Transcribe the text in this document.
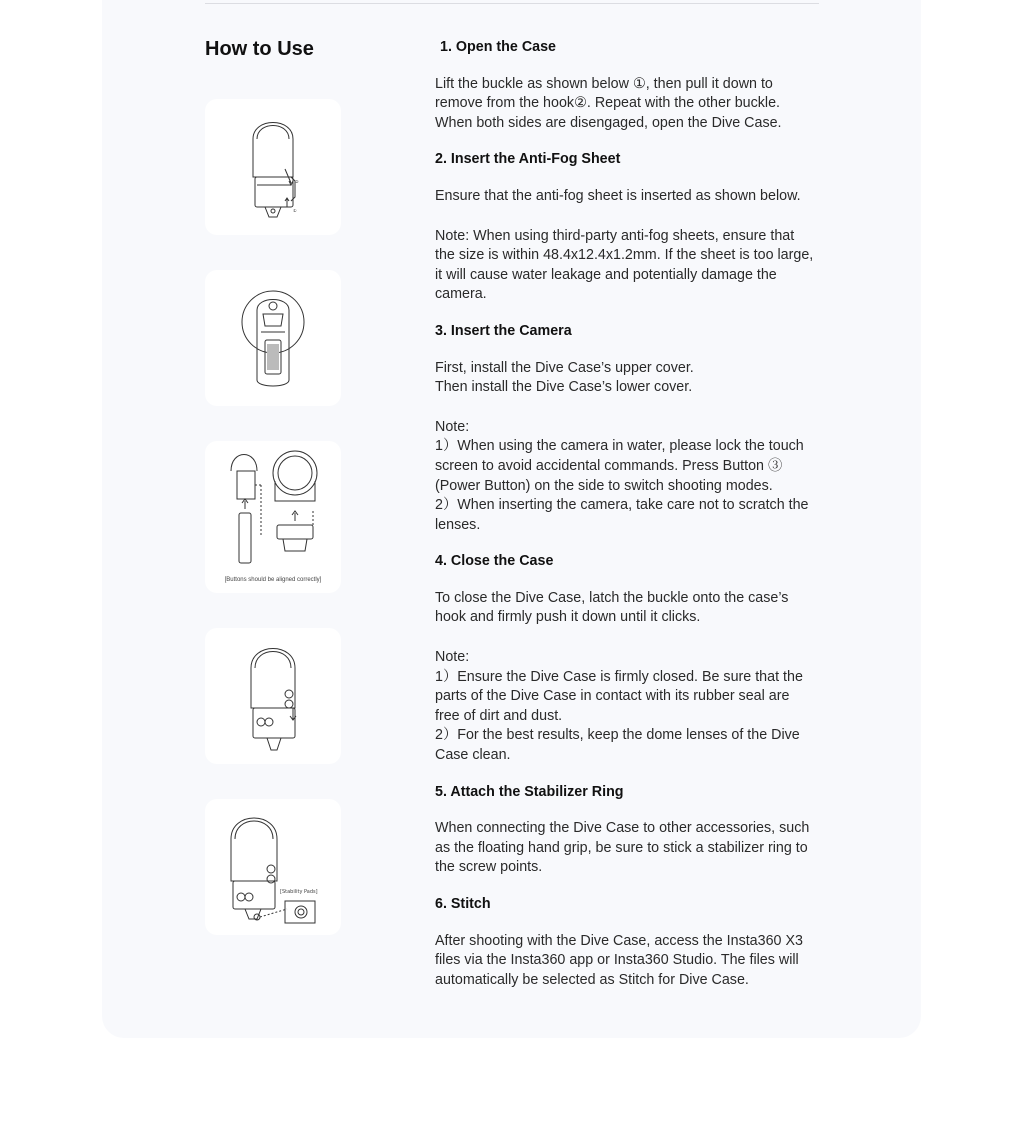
How to Use
②
①
[Buttons should be aligned correctly]
[Stability Pads]

1. Open the Case

Lift the buckle as shown below ①, then pull it down to remove from the hook②. Repeat with the other buckle. When both sides are disengaged, open the Dive Case.

2. Insert the Anti-Fog Sheet

Ensure that the anti-fog sheet is inserted as shown below.

Note: When using third-party anti-fog sheets, ensure that the size is within 48.4x12.4x1.2mm. If the sheet is too large, it will cause water leakage and potentially damage the camera.

3. Insert the Camera

First, install the Dive Case’s upper cover.
Then install the Dive Case’s lower cover.

Note:
1）When using the camera in water, please lock the touch screen to avoid accidental commands. Press Button ③ (Power Button) on the side to switch shooting modes.
2）When inserting the camera, take care not to scratch the lenses.

4. Close the Case

To close the Dive Case, latch the buckle onto the case’s hook and firmly push it down until it clicks.

Note:
1）Ensure the Dive Case is firmly closed. Be sure that the parts of the Dive Case in contact with its rubber seal are free of dirt and dust.
2）For the best results, keep the dome lenses of the Dive Case clean.

5. Attach the Stabilizer Ring

When connecting the Dive Case to other accessories, such as the floating hand grip, be sure to stick a stabilizer ring to the screw points.

6. Stitch

After shooting with the Dive Case, access the Insta360 X3 files via the Insta360 app or Insta360 Studio. The files will automatically be selected as Stitch for Dive Case.
